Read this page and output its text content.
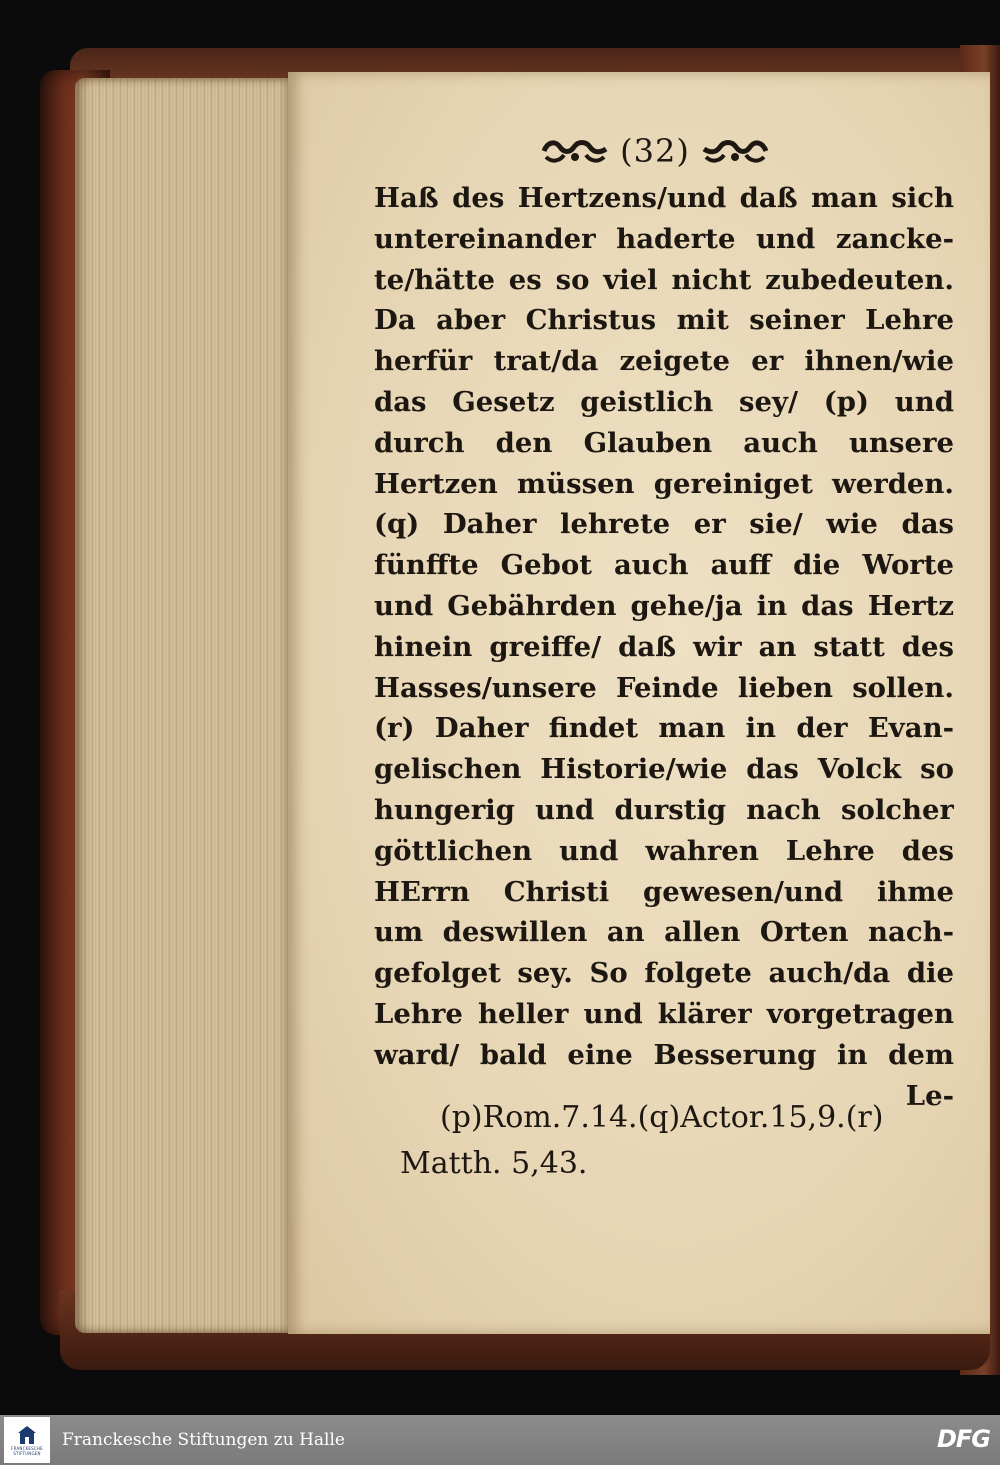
(32)
Haß des Hertzens/und daß man sich
untereinander haderte und zancke-
te/hätte es so viel nicht zubedeuten.
Da aber Christus mit seiner Lehre
herfür trat/da zeigete er ihnen/wie
das Gesetz geistlich sey/ (p) und
durch den Glauben auch unsere
Hertzen müssen gereiniget werden.
(q) Daher lehrete er sie/ wie das
fünffte Gebot auch auff die Worte
und Gebährden gehe/ja in das Hertz
hinein greiffe/ daß wir an statt des
Hasses/unsere Feinde lieben sollen.
(r) Daher findet man in der Evan-
gelischen Historie/wie das Volck so
hungerig und durstig nach solcher
göttlichen und wahren Lehre des
HErrn Christi gewesen/und ihme
um deswillen an allen Orten nach-
gefolget sey. So folgete auch/da die
Lehre heller und klärer vorgetragen
ward/ bald eine Besserung in dem
Le-
(p)Rom.7.14.(q)Actor.15,9.(r)
Matth. 5,43.
FRANCKESCHE STIFTUNGEN
Franckesche Stiftungen zu Halle	DFG
